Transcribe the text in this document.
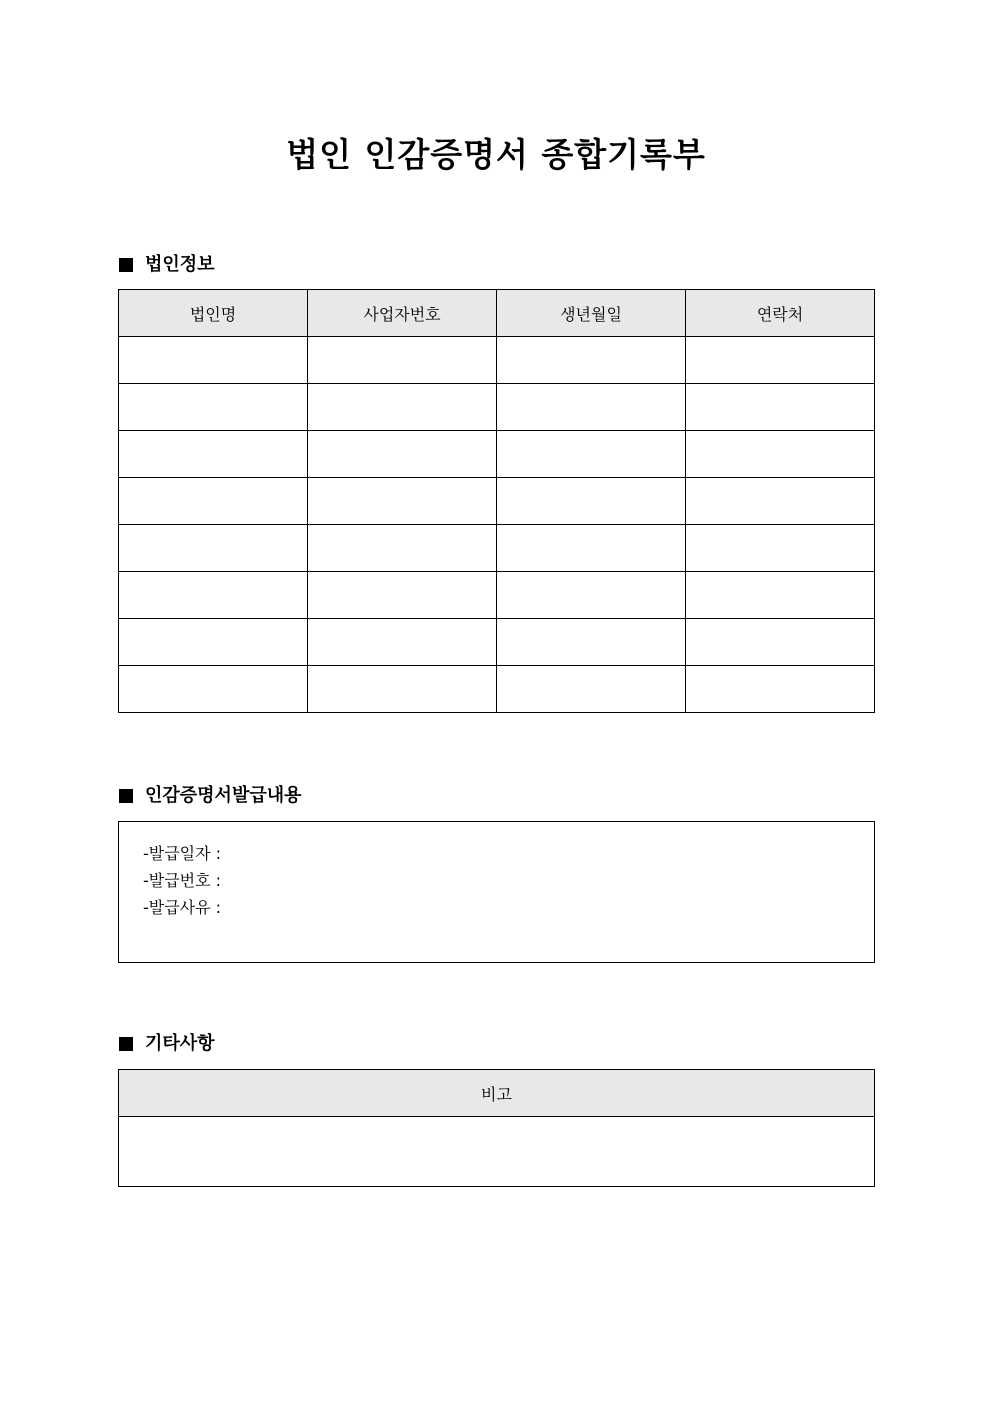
법인 인감증명서 종합기록부
법인정보
법인명	사업자번호	생년월일	연락처

인감증명서발급내용
-발급일자 :
-발급번호 :
-발급사유 :
기타사항
비고
